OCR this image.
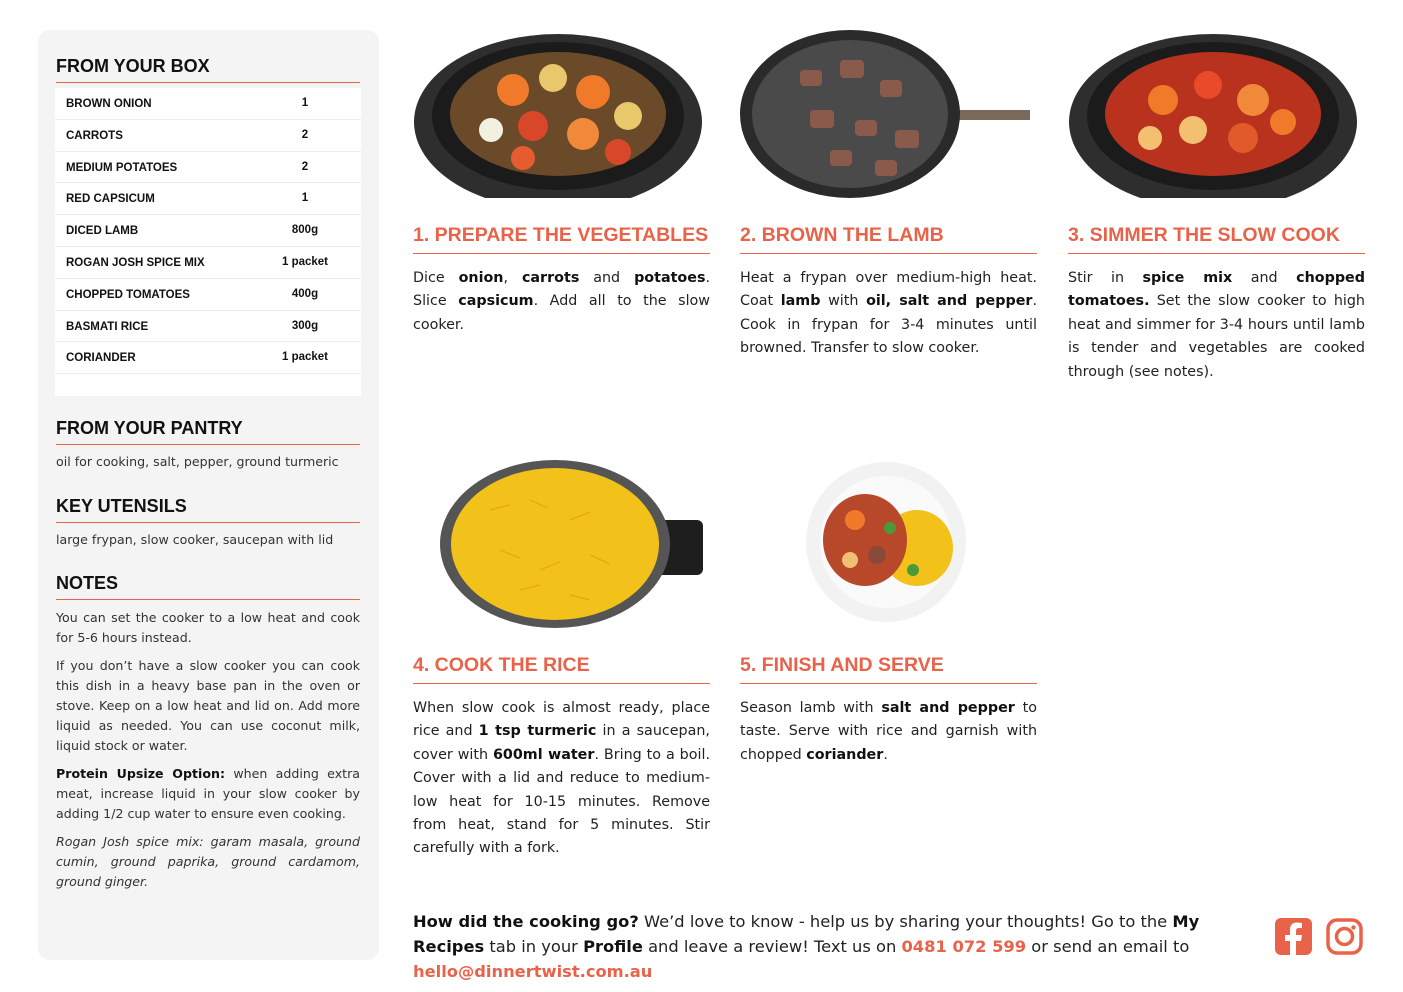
FROM YOUR BOX
BROWN ONION	1
CARROTS	2
MEDIUM POTATOES	2
RED CAPSICUM	1
DICED LAMB	800g
ROGAN JOSH SPICE MIX	1 packet
CHOPPED TOMATOES	400g
BASMATI RICE	300g
CORIANDER	1 packet
FROM YOUR PANTRY
oil for cooking, salt, pepper, ground turmeric
KEY UTENSILS
large frypan, slow cooker, saucepan with lid
NOTES

You can set the cooker to a low heat and cook for 5-6 hours instead.

If you don’t have a slow cooker you can cook this dish in a heavy base pan in the oven or stove. Keep on a low heat and lid on. Add more liquid as needed. You can use coconut milk, liquid stock or water.

Protein Upsize Option: when adding extra meat, increase liquid in your slow cooker by adding 1/2 cup water to ensure even cooking.

Rogan Josh spice mix: garam masala, ground cumin, ground paprika, ground cardamom, ground ginger.

1. PREPARE THE VEGETABLES
Dice onion, carrots and potatoes. Slice capsicum. Add all to the slow cooker.
2. BROWN THE LAMB
Heat a frypan over medium-high heat. Coat lamb with oil, salt and pepper. Cook in frypan for 3-4 minutes until browned. Transfer to slow cooker.
3. SIMMER THE SLOW COOK
Stir in spice mix and chopped tomatoes. Set the slow cooker to high heat and simmer for 3-4 hours until lamb is tender and vegetables are cooked through (see notes).
4. COOK THE RICE
When slow cook is almost ready, place rice and 1 tsp turmeric in a saucepan, cover with 600ml water. Bring to a boil. Cover with a lid and reduce to medium-low heat for 10-15 minutes. Remove from heat, stand for 5 minutes. Stir carefully with a fork.
5. FINISH AND SERVE
Season lamb with salt and pepper to taste. Serve with rice and garnish with chopped coriander.
How did the cooking go? We’d love to know - help us by sharing your thoughts! Go to the My Recipes tab in your Profile and leave a review! Text us on 0481 072 599 or send an email to hello@dinnertwist.com.au
